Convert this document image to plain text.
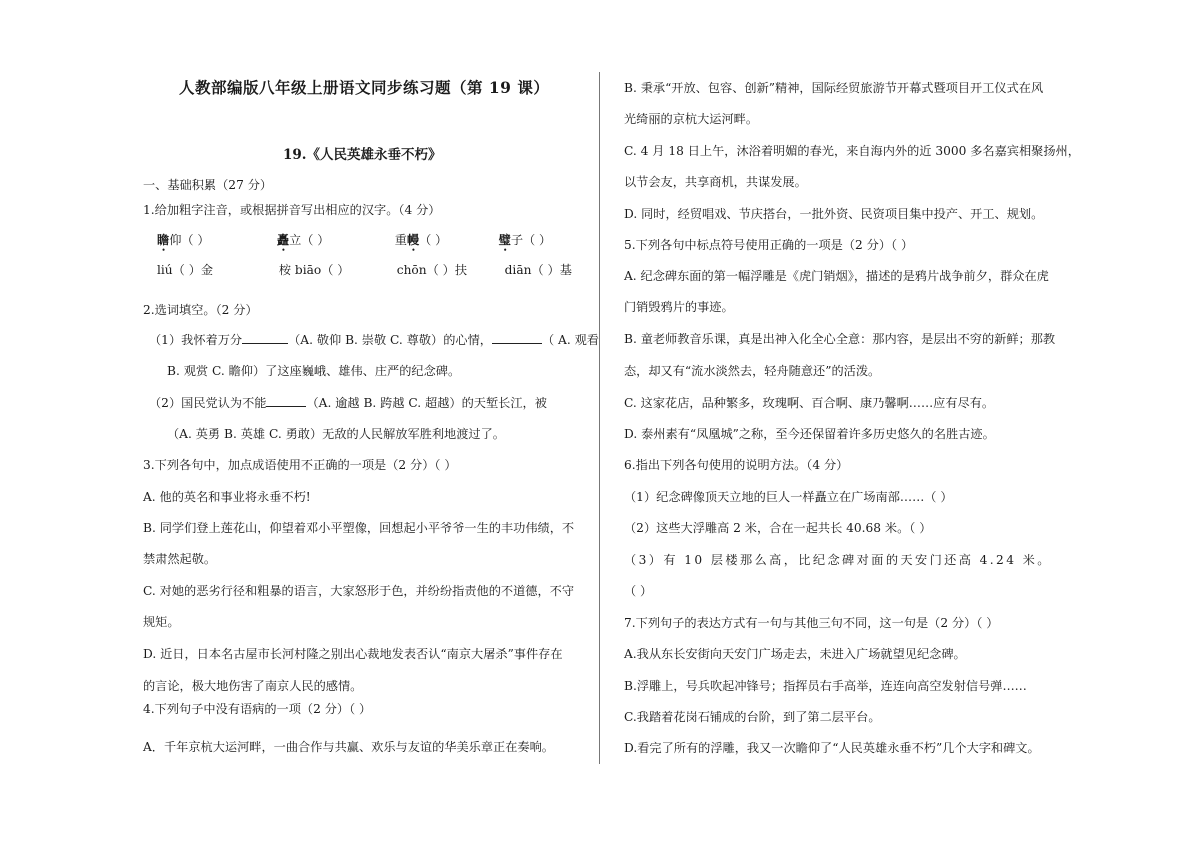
人教部编版八年级上册语文同步练习题（第 19 课）
19.《人民英雄永垂不朽》
一、基础积累（27 分）
1.给加粗字注音，或根据拼音写出相应的汉字。（4 分）
瞻仰（ ）	矗立（ ）	重幔（ ）	璧子（ ）
liú（ ）金	桉 biāo（ ）	chōn（ ）扶	diān（ ）基
2.选词填空。（2 分）
（1）我怀着万分	（A. 敬仰 B. 崇敬 C. 尊敬）的心情，	（ A. 观看
B. 观赏 C. 瞻仰）了这座巍峨、雄伟、庄严的纪念碑。
（2）国民党认为不能	（A. 逾越 B. 跨越 C. 超越）的天堑长江，被
（A. 英勇 B. 英雄 C. 勇敢）无敌的人民解放军胜利地渡过了。
3.下列各句中，加点成语使用不正确的一项是（2 分）（ ）
A. 他的英名和事业将永垂不朽!
B. 同学们登上莲花山，仰望着邓小平塑像，回想起小平爷爷一生的丰功伟绩，不
禁肃然起敬。
C. 对她的恶劣行径和粗暴的语言，大家怒形于色，并纷纷指责他的不道德，不守
规矩。
D. 近日，日本名古屋市长河村隆之别出心裁地发表否认“南京大屠杀”事件存在
的言论，极大地伤害了南京人民的感情。
4.下列句子中没有语病的一项（2 分）（ ）
A．千年京杭大运河畔，一曲合作与共赢、欢乐与友谊的华美乐章正在奏响。
B. 秉承“开放、包容、创新”精神，国际经贸旅游节开幕式暨项目开工仪式在风
光绮丽的京杭大运河畔。
C. 4 月 18 日上午，沐浴着明媚的春光，来自海内外的近 3000 多名嘉宾相聚扬州，
以节会友，共享商机，共谋发展。
D. 同时，经贸唱戏、节庆搭台，一批外资、民资项目集中投产、开工、规划。
5.下列各句中标点符号使用正确的一项是（2 分）（ ）
A. 纪念碑东面的第一幅浮雕是《虎门销烟》，描述的是鸦片战争前夕，群众在虎
门销毁鸦片的事迹。
B. 童老师教音乐课，真是出神入化全心全意：那内容，是层出不穷的新鲜；那教
态，却又有“流水淡然去，轻舟随意还”的活泼。
C. 这家花店，品种繁多，玫瑰啊、百合啊、康乃馨啊……应有尽有。
D. 泰州素有“凤凰城”之称，至今还保留着许多历史悠久的名胜古迹。
6.指出下列各句使用的说明方法。（4 分）
（1）纪念碑像顶天立地的巨人一样矗立在广场南部……（ ）
（2）这些大浮雕高 2 米，合在一起共长 40.68 米。（ ）
（3）有 10 层楼那么高，比纪念碑对面的天安门还高 4.24 米。
（ ）
7.下列句子的表达方式有一句与其他三句不同，这一句是（2 分）（ ）
A.我从东长安街向天安门广场走去，未进入广场就望见纪念碑。
B.浮雕上，号兵吹起冲锋号；指挥员右手高举，连连向高空发射信号弹……
C.我踏着花岗石铺成的台阶，到了第二层平台。
D.看完了所有的浮雕，我又一次瞻仰了“人民英雄永垂不朽”几个大字和碑文。
